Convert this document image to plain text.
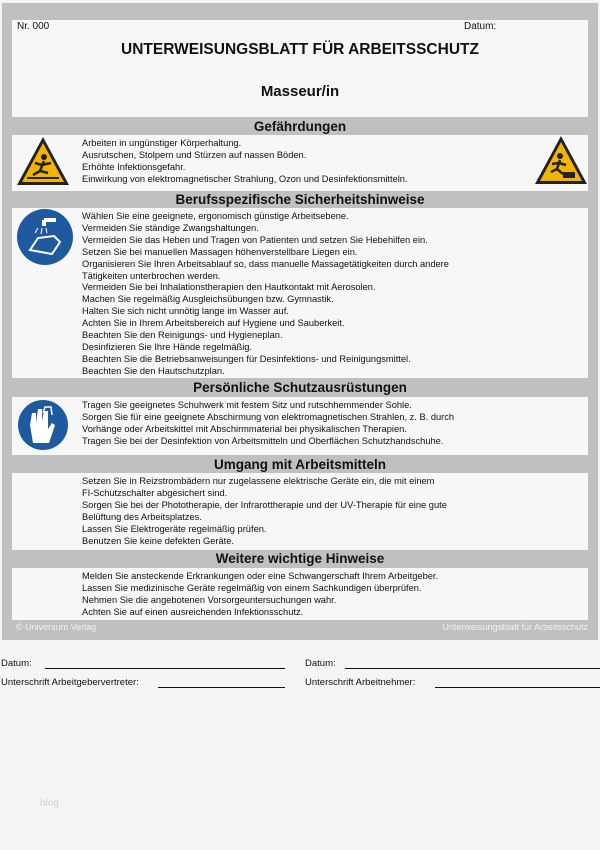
Nr. 000	Datum:
UNTERWEISUNGSBLATT FÜR ARBEITSSCHUTZ
Masseur/in
Gefährdungen
Arbeiten in ungünstiger Körperhaltung.
Ausrutschen, Stolpern und Stürzen auf nassen Böden.
Erhöhte Infektionsgefahr.
Einwirkung von elektromagnetischer Strahlung, Ozon und Desinfektionsmitteln.
Berufsspezifische Sicherheitshinweise
Wählen Sie eine geeignete, ergonomisch günstige Arbeitsebene.
Vermeiden Sie ständige Zwangshaltungen.
Vermeiden Sie das Heben und Tragen von Patienten und setzen Sie Hebehilfen ein.
Setzen Sie bei manuellen Massagen höhenverstellbare Liegen ein.
Organisieren Sie Ihren Arbeitsablauf so, dass manuelle Massagetätigkeiten durch andere
Tätigkeiten unterbrochen werden.
Vermeiden Sie bei Inhalationstherapien den Hautkontakt mit Aerosolen.
Machen Sie regelmäßig Ausgleichsübungen bzw. Gymnastik.
Halten Sie sich nicht unnötig lange im Wasser auf.
Achten Sie in Ihrem Arbeitsbereich auf Hygiene und Sauberkeit.
Beachten Sie den Reinigungs- und Hygieneplan.
Desinfizieren Sie Ihre Hände regelmäßig.
Beachten Sie die Betriebsanweisungen für Desinfektions- und Reinigungsmittel.
Beachten Sie den Hautschutzplan.
Persönliche Schutzausrüstungen
Tragen Sie geeignetes Schuhwerk mit festem Sitz und rutschhemmender Sohle.
Sorgen Sie für eine geeignete Abschirmung von elektromagnetischen Strahlen, z. B. durch
Vorhänge oder Arbeitskittel mit Abschirmmaterial bei physikalischen Therapien.
Tragen Sie bei der Desinfektion von Arbeitsmitteln und Oberflächen Schutzhandschuhe.
Umgang mit Arbeitsmitteln
Setzen Sie in Reizstrombädern nur zugelassene elektrische Geräte ein, die mit einem
FI-Schutzschalter abgesichert sind.
Sorgen Sie bei der Phototherapie, der Infrarottherapie und der UV-Therapie für eine gute
Belüftung des Arbeitsplatzes.
Lassen Sie Elektrogeräte regelmäßig prüfen.
Benutzen Sie keine defekten Geräte.
Weitere wichtige Hinweise
Melden Sie ansteckende Erkrankungen oder eine Schwangerschaft Ihrem Arbeitgeber.
Lassen Sie medizinische Geräte regelmäßig von einem Sachkundigen überprüfen.
Nehmen Sie die angebotenen Vorsorgeuntersuchungen wahr.
Achten Sie auf einen ausreichenden Infektionsschutz.
© Universum Verlag	Unterweisungsblatt für Arbeitsschutz
Datum:	Datum:
Unterschrift Arbeitgebervertreter:	Unterschrift Arbeitnehmer:
blog
